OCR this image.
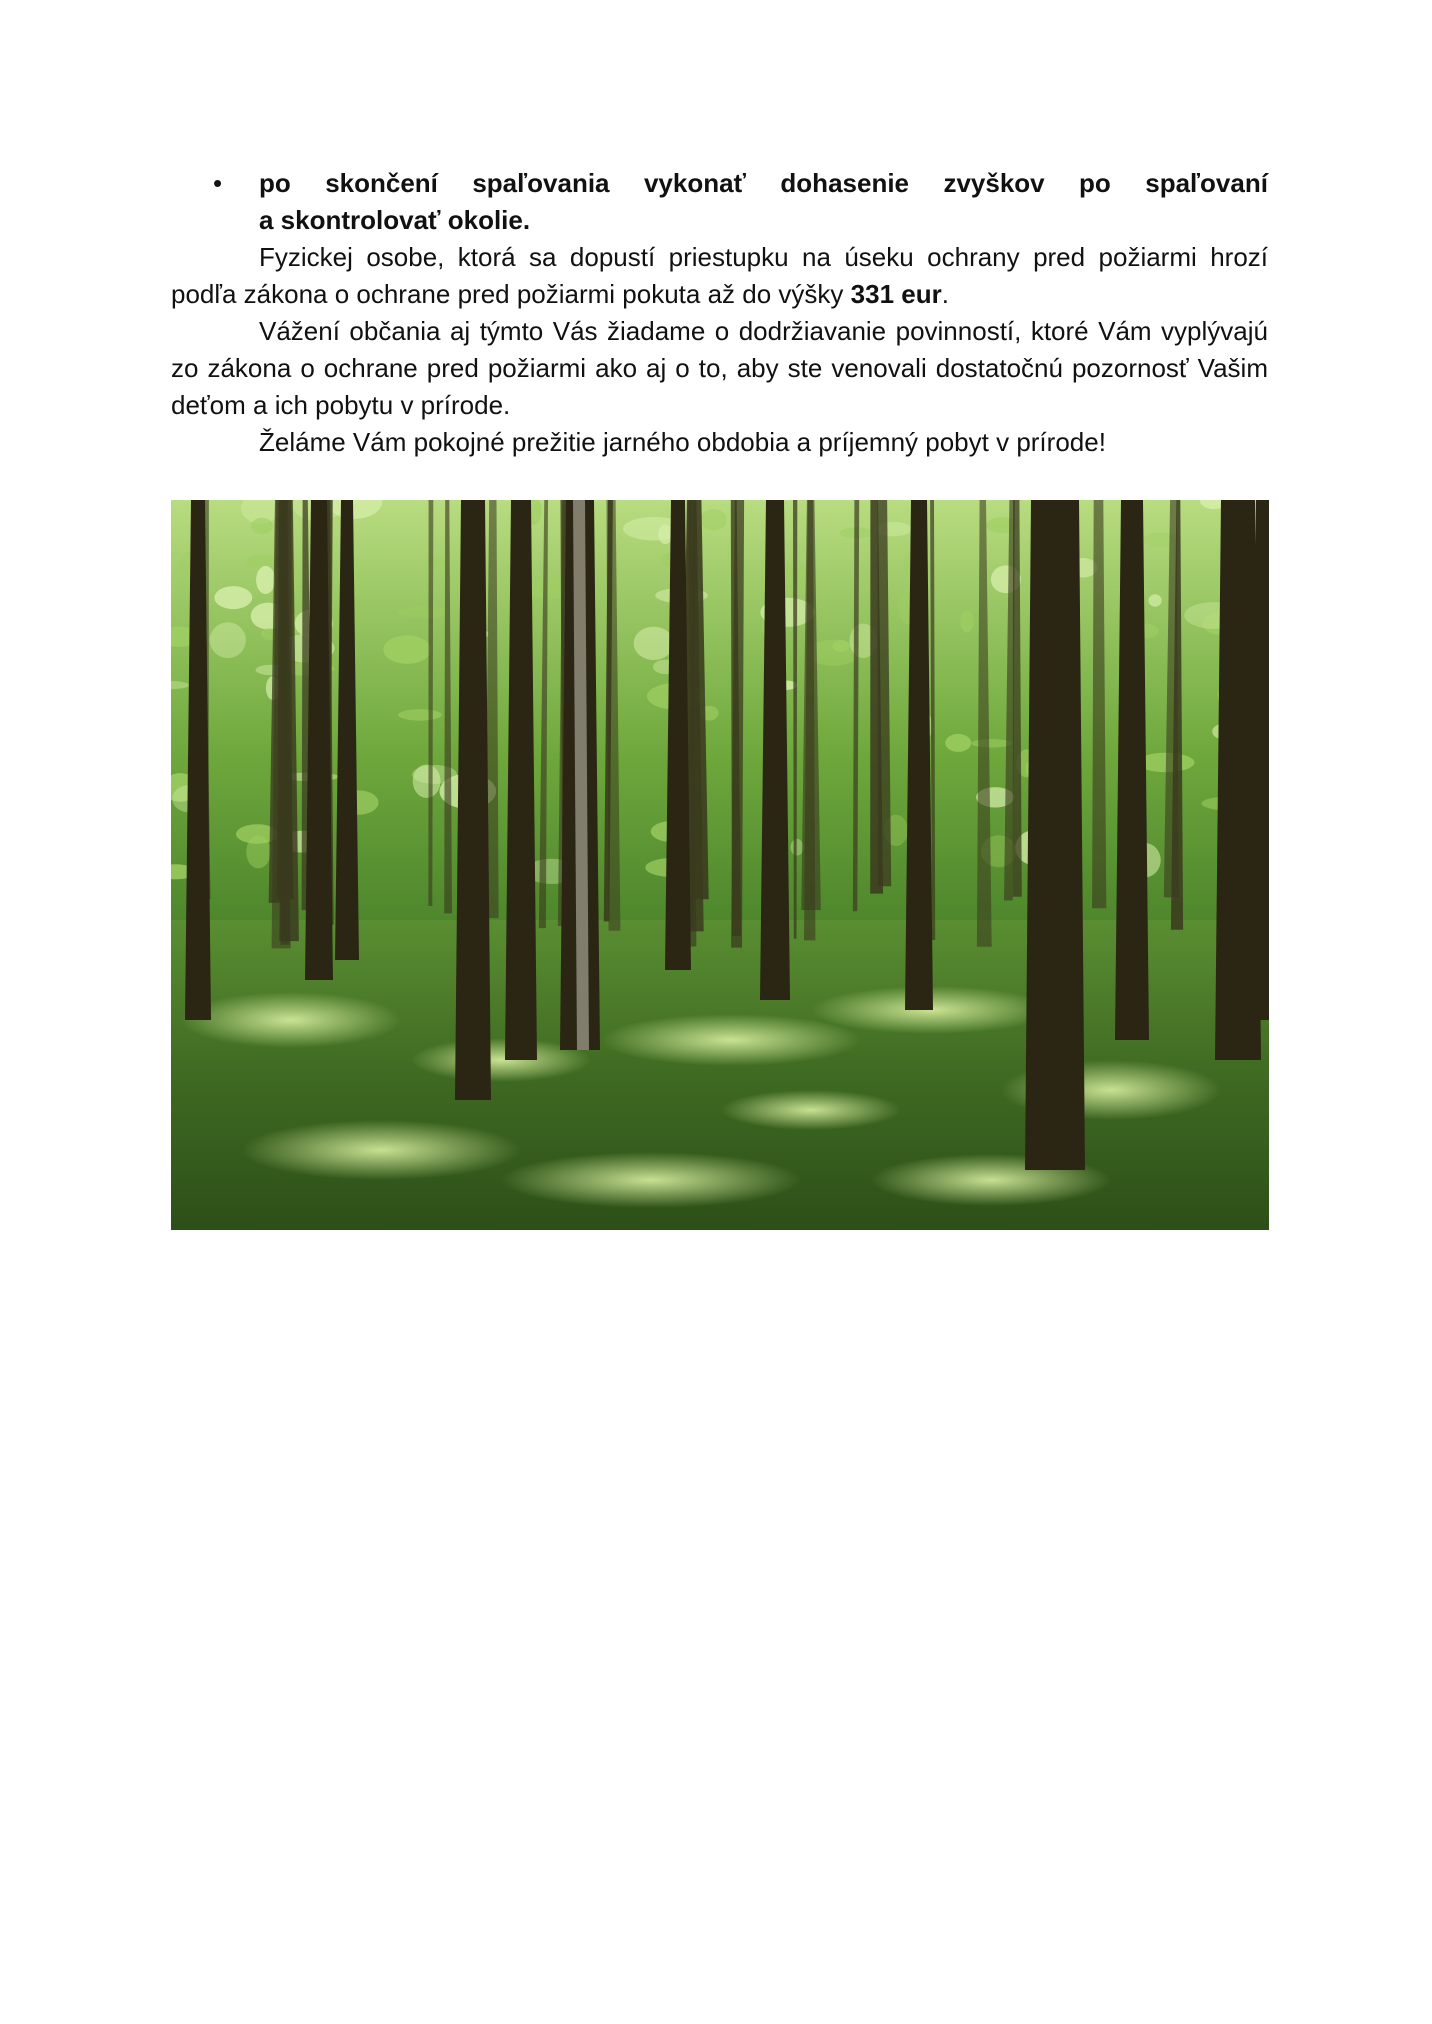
• po skončení spaľovania vykonať dohasenie zvyškov po spaľovaní
a skontrolovať okolie.

Fyzickej osobe, ktorá sa dopustí priestupku na úseku ochrany pred požiarmi hrozí podľa zákona o ochrane pred požiarmi pokuta až do výšky 331 eur.

Vážení občania aj týmto Vás žiadame o dodržiavanie povinností, ktoré Vám vyplývajú zo zákona o ochrane pred požiarmi ako aj o to, aby ste venovali dostatočnú pozornosť Vašim deťom a ich pobytu v prírode.

Želáme Vám pokojné prežitie jarného obdobia a príjemný pobyt v prírode!
